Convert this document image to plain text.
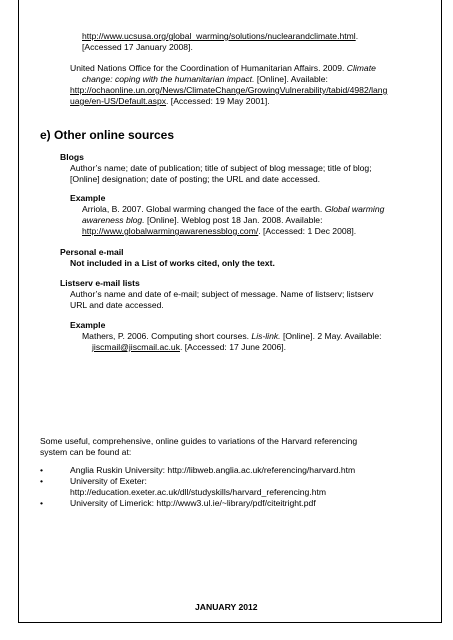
http://www.ucsusa.org/global_warming/solutions/nuclearandclimate.html.

[Accessed 17 January 2008].

United Nations Office for the Coordination of Humanitarian Affairs. 2009. Climate

change: coping with the humanitarian impact. [Online]. Available:

http://ochaonline.un.org/News/ClimateChange/GrowingVulnerability/tabid/4982/lang

uage/en-US/Default.aspx. [Accessed: 19 May 2001].

e) Other online sources

Blogs

Author’s name; date of publication; title of subject of blog message; title of blog;

[Online] designation; date of posting; the URL and date accessed.

Example

Arriola, B. 2007. Global warming changed the face of the earth. Global warming

awareness blog. [Online]. Weblog post 18 Jan. 2008. Available:

http://www.globalwarmingawarenessblog.com/. [Accessed: 1 Dec 2008].

Personal e-mail

Not included in a List of works cited, only the text.

Listserv e-mail lists

Author’s name and date of e-mail; subject of message. Name of listserv; listserv

URL and date accessed.

Example

Mathers, P. 2006. Computing short courses. Lis-link. [Online]. 2 May. Available:

jiscmail@jiscmail.ac.uk. [Accessed: 17 June 2006].

Some useful, comprehensive, online guides to variations of the Harvard referencing

system can be found at:

•	Anglia Ruskin University: http://libweb.anglia.ac.uk/referencing/harvard.htm

•	University of Exeter:

http://education.exeter.ac.uk/dll/studyskills/harvard_referencing.htm

•	University of Limerick: http://www3.ul.ie/~library/pdf/citeitright.pdf

JANUARY 2012
